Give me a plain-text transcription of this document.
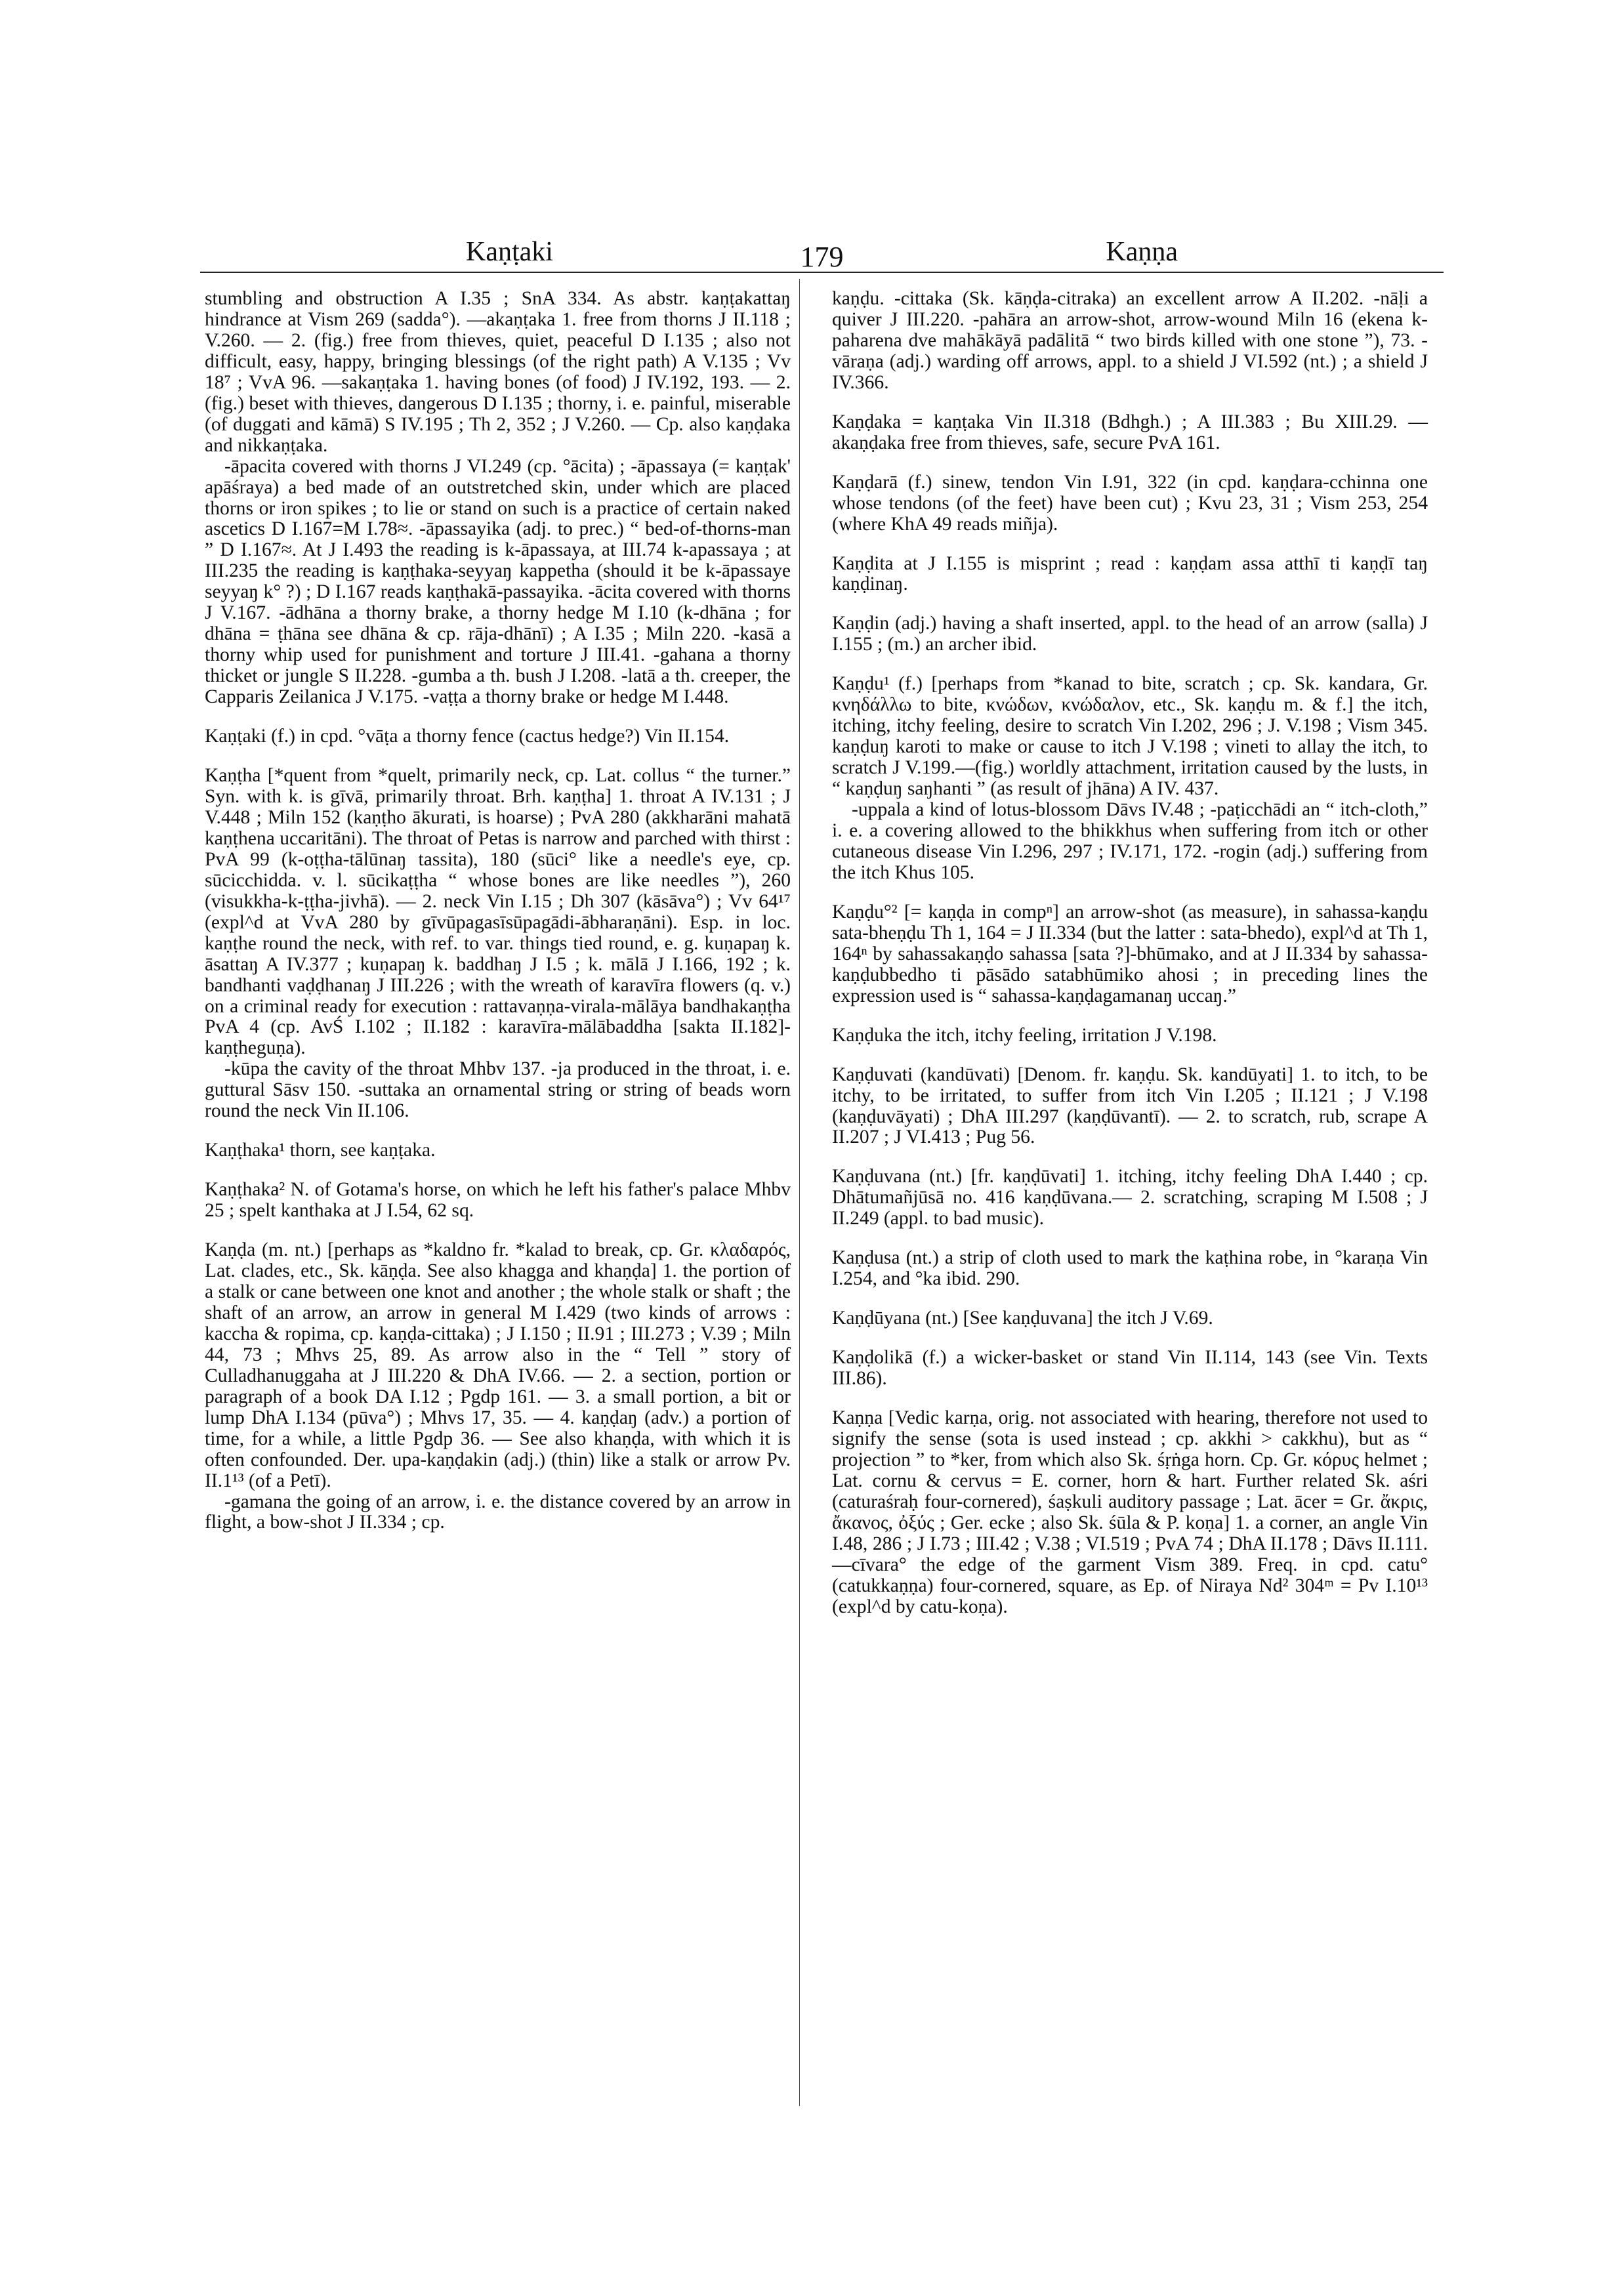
Kaṇṭaki	179	Kaṇṇa

stumbling and obstruction A I.35 ; SnA 334. As abstr. kaṇṭakattaŋ hindrance at Vism 269 (sadda°). —akaṇṭaka 1. free from thorns J II.118 ; V.260. — 2. (fig.) free from thieves, quiet, peaceful D I.135 ; also not difficult, easy, happy, bringing blessings (of the right path) A V.135 ; Vv 18⁷ ; VvA 96. —sakaṇṭaka 1. having bones (of food) J IV.192, 193. — 2. (fig.) beset with thieves, dangerous D I.135 ; thorny, i. e. painful, miserable (of duggati and kāmā) S IV.195 ; Th 2, 352 ; J V.260. — Cp. also kaṇḍaka and nikkaṇṭaka.

-āpacita covered with thorns J VI.249 (cp. °ācita) ; -āpassaya (= kaṇṭak' apāśraya) a bed made of an outstretched skin, under which are placed thorns or iron spikes ; to lie or stand on such is a practice of certain naked ascetics D I.167=M I.78≈. -āpassayika (adj. to prec.) “ bed-of-thorns-man ” D I.167≈. At J I.493 the reading is k-āpassaya, at III.74 k-apassaya ; at III.235 the reading is kaṇṭhaka-seyyaŋ kappetha (should it be k-āpassaye seyyaŋ k° ?) ; D I.167 reads kaṇṭhakā-passayika. -ācita covered with thorns J V.167. -ādhāna a thorny brake, a thorny hedge M I.10 (k-dhāna ; for dhāna = ṭhāna see dhāna & cp. rāja-dhānī) ; A I.35 ; Miln 220. -kasā a thorny whip used for punishment and torture J III.41. -gahana a thorny thicket or jungle S II.228. -gumba a th. bush J I.208. -latā a th. creeper, the Capparis Zeilanica J V.175. -vaṭṭa a thorny brake or hedge M I.448.

Kaṇṭaki (f.) in cpd. °vāṭa a thorny fence (cactus hedge?) Vin II.154.

Kaṇṭha [*quent from *quelt, primarily neck, cp. Lat. collus “ the turner.” Syn. with k. is gīvā, primarily throat. Brh. kaṇṭha] 1. throat A IV.131 ; J V.448 ; Miln 152 (kaṇṭho ākurati, is hoarse) ; PvA 280 (akkharāni mahatā kaṇṭhena uccaritāni). The throat of Petas is narrow and parched with thirst : PvA 99 (k-oṭṭha-tālūnaŋ tassita), 180 (sūci° like a needle's eye, cp. sūcicchidda. v. l. sūcikaṭṭha “ whose bones are like needles ”), 260 (visukkha-k-ṭṭha-jivhā). — 2. neck Vin I.15 ; Dh 307 (kāsāva°) ; Vv 64¹⁷ (expl^d at VvA 280 by gīvūpagasīsūpagādi-ābharaṇāni). Esp. in loc. kaṇṭhe round the neck, with ref. to var. things tied round, e. g. kuṇapaŋ k. āsattaŋ A IV.377 ; kuṇapaŋ k. baddhaŋ J I.5 ; k. mālā J I.166, 192 ; k. bandhanti vaḍḍhanaŋ J III.226 ; with the wreath of karavīra flowers (q. v.) on a criminal ready for execution : rattavaṇṇa-virala-mālāya bandhakaṇṭha PvA 4 (cp. AvŚ I.102 ; II.182 : karavīra-mālābaddha [sakta II.182]-kaṇṭheguṇa).

-kūpa the cavity of the throat Mhbv 137. -ja produced in the throat, i. e. guttural Sāsv 150. -suttaka an ornamental string or string of beads worn round the neck Vin II.106.

Kaṇṭhaka¹ thorn, see kaṇṭaka.

Kaṇṭhaka² N. of Gotama's horse, on which he left his father's palace Mhbv 25 ; spelt kanthaka at J I.54, 62 sq.

Kaṇḍa (m. nt.) [perhaps as *kaldno fr. *kalad to break, cp. Gr. κλαδαρός, Lat. clades, etc., Sk. kāṇḍa. See also khagga and khaṇḍa] 1. the portion of a stalk or cane between one knot and another ; the whole stalk or shaft ; the shaft of an arrow, an arrow in general M I.429 (two kinds of arrows : kaccha & ropima, cp. kaṇḍa-cittaka) ; J I.150 ; II.91 ; III.273 ; V.39 ; Miln 44, 73 ; Mhvs 25, 89. As arrow also in the “ Tell ” story of Culladhanuggaha at J III.220 & DhA IV.66. — 2. a section, portion or paragraph of a book DA I.12 ; Pgdp 161. — 3. a small portion, a bit or lump DhA I.134 (pūva°) ; Mhvs 17, 35. — 4. kaṇḍaŋ (adv.) a portion of time, for a while, a little Pgdp 36. — See also khaṇḍa, with which it is often confounded. Der. upa-kaṇḍakin (adj.) (thin) like a stalk or arrow Pv. II.1¹³ (of a Petī).

-gamana the going of an arrow, i. e. the distance covered by an arrow in flight, a bow-shot J II.334 ; cp.

kaṇḍu. -cittaka (Sk. kāṇḍa-citraka) an excellent arrow A II.202. -nāḷi a quiver J III.220. -pahāra an arrow-shot, arrow-wound Miln 16 (ekena k-paharena dve mahākāyā padālitā “ two birds killed with one stone ”), 73. -vāraṇa (adj.) warding off arrows, appl. to a shield J VI.592 (nt.) ; a shield J IV.366.

Kaṇḍaka = kaṇṭaka Vin II.318 (Bdhgh.) ; A III.383 ; Bu XIII.29. —akaṇḍaka free from thieves, safe, secure PvA 161.

Kaṇḍarā (f.) sinew, tendon Vin I.91, 322 (in cpd. kaṇḍara-cchinna one whose tendons (of the feet) have been cut) ; Kvu 23, 31 ; Vism 253, 254 (where KhA 49 reads miñja).

Kaṇḍita at J I.155 is misprint ; read : kaṇḍam assa atthī ti kaṇḍī taŋ kaṇḍinaŋ.

Kaṇḍin (adj.) having a shaft inserted, appl. to the head of an arrow (salla) J I.155 ; (m.) an archer ibid.

Kaṇḍu¹ (f.) [perhaps from *kanad to bite, scratch ; cp. Sk. kandara, Gr. κνηδάλλω to bite, κνώδων, κνώδαλον, etc., Sk. kaṇḍu m. & f.] the itch, itching, itchy feeling, desire to scratch Vin I.202, 296 ; J. V.198 ; Vism 345. kaṇḍuŋ karoti to make or cause to itch J V.198 ; vineti to allay the itch, to scratch J V.199.—(fig.) worldly attachment, irritation caused by the lusts, in “ kaṇḍuŋ saŋhanti ” (as result of jhāna) A IV. 437.

-uppala a kind of lotus-blossom Dāvs IV.48 ; -paṭicchādi an “ itch-cloth,” i. e. a covering allowed to the bhikkhus when suffering from itch or other cutaneous disease Vin I.296, 297 ; IV.171, 172. -rogin (adj.) suffering from the itch Khus 105.

Kaṇḍu°² [= kaṇḍa in compⁿ] an arrow-shot (as measure), in sahassa-kaṇḍu sata-bheṇḍu Th 1, 164 = J II.334 (but the latter : sata-bhedo), expl^d at Th 1, 164ⁿ by sahassakaṇḍo sahassa [sata ?]-bhūmako, and at J II.334 by sahassa-kaṇḍubbedho ti pāsādo satabhūmiko ahosi ; in preceding lines the expression used is “ sahassa-kaṇḍagamanaŋ uccaŋ.”

Kaṇḍuka the itch, itchy feeling, irritation J V.198.

Kaṇḍuvati (kandūvati) [Denom. fr. kaṇḍu. Sk. kandūyati] 1. to itch, to be itchy, to be irritated, to suffer from itch Vin I.205 ; II.121 ; J V.198 (kaṇḍuvāyati) ; DhA III.297 (kaṇḍūvantī). — 2. to scratch, rub, scrape A II.207 ; J VI.413 ; Pug 56.

Kaṇḍuvana (nt.) [fr. kaṇḍūvati] 1. itching, itchy feeling DhA I.440 ; cp. Dhātumañjūsā no. 416 kaṇḍūvana.— 2. scratching, scraping M I.508 ; J II.249 (appl. to bad music).

Kaṇḍusa (nt.) a strip of cloth used to mark the kaṭhina robe, in °karaṇa Vin I.254, and °ka ibid. 290.

Kaṇḍūyana (nt.) [See kaṇḍuvana] the itch J V.69.

Kaṇḍolikā (f.) a wicker-basket or stand Vin II.114, 143 (see Vin. Texts III.86).

Kaṇṇa [Vedic karṇa, orig. not associated with hearing, therefore not used to signify the sense (sota is used instead ; cp. akkhi > cakkhu), but as “ projection ” to *ker, from which also Sk. śṛṅga horn. Cp. Gr. κόρυς helmet ; Lat. cornu & cervus = E. corner, horn & hart. Further related Sk. aśri (caturaśraḥ four-cornered), śaṣkuli auditory passage ; Lat. ācer = Gr. ἄκρις, ἄκανος, ὀξύς ; Ger. ecke ; also Sk. śūla & P. koṇa] 1. a corner, an angle Vin I.48, 286 ; J I.73 ; III.42 ; V.38 ; VI.519 ; PvA 74 ; DhA II.178 ; Dāvs II.111. —cīvara° the edge of the garment Vism 389. Freq. in cpd. catu° (catukkaṇṇa) four-cornered, square, as Ep. of Niraya Nd² 304ᵐ = Pv I.10¹³ (expl^d by catu-koṇa).
